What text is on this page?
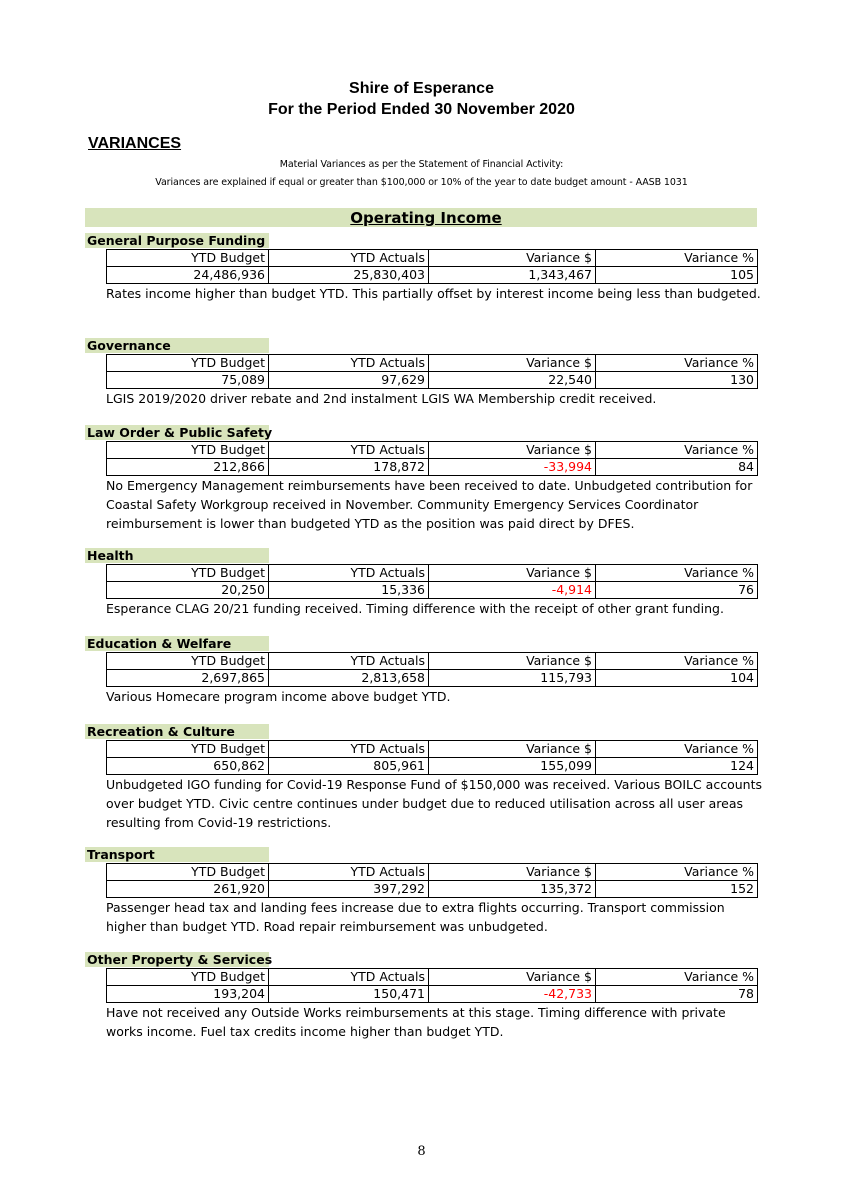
Shire of Esperance
For the Period Ended 30 November 2020
VARIANCES
Material Variances as per the Statement of Financial Activity:
Variances are explained if equal or greater than $100,000 or 10% of the year to date budget amount - AASB 1031
Operating Income
General Purpose Funding
YTD Budget	YTD Actuals	Variance $	Variance %
24,486,936	25,830,403	1,343,467	105
Rates income higher than budget YTD. This partially offset by interest income being less than budgeted.
Governance
YTD Budget	YTD Actuals	Variance $	Variance %
75,089	97,629	22,540	130
LGIS 2019/2020 driver rebate and 2nd instalment LGIS WA Membership credit received.
Law Order & Public Safety
YTD Budget	YTD Actuals	Variance $	Variance %
212,866	178,872	-33,994	84
No Emergency Management reimbursements have been received to date. Unbudgeted contribution for Coastal Safety Workgroup received in November. Community Emergency Services Coordinator reimbursement is lower than budgeted YTD as the position was paid direct by DFES.
Health
YTD Budget	YTD Actuals	Variance $	Variance %
20,250	15,336	-4,914	76
Esperance CLAG 20/21 funding received. Timing difference with the receipt of other grant funding.
Education & Welfare
YTD Budget	YTD Actuals	Variance $	Variance %
2,697,865	2,813,658	115,793	104
Various Homecare program income above budget YTD.
Recreation & Culture
YTD Budget	YTD Actuals	Variance $	Variance %
650,862	805,961	155,099	124
Unbudgeted IGO funding for Covid-19 Response Fund of $150,000 was received. Various BOILC accounts over budget YTD. Civic centre continues under budget due to reduced utilisation across all user areas resulting from Covid-19 restrictions.
Transport
YTD Budget	YTD Actuals	Variance $	Variance %
261,920	397,292	135,372	152
Passenger head tax and landing fees increase due to extra flights occurring. Transport commission higher than budget YTD. Road repair reimbursement was unbudgeted.
Other Property & Services
YTD Budget	YTD Actuals	Variance $	Variance %
193,204	150,471	-42,733	78
Have not received any Outside Works reimbursements at this stage. Timing difference with private works income. Fuel tax credits income higher than budget YTD.
8
